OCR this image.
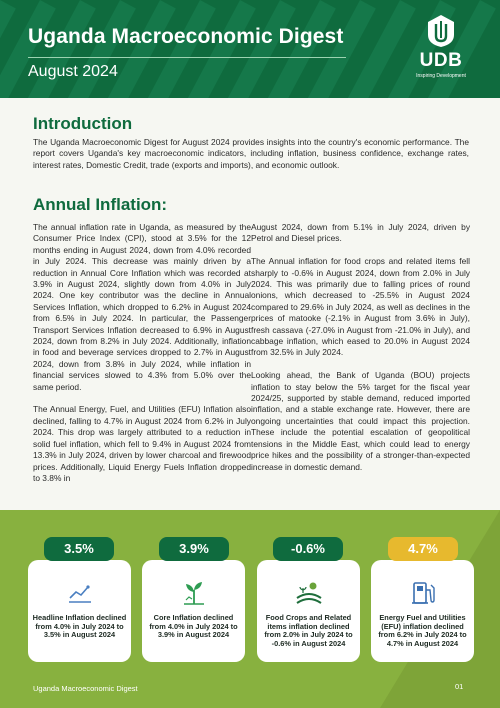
Uganda Macroeconomic Digest
August 2024
UDB
Inspiring Development
Introduction
The Uganda Macroeconomic Digest for August 2024 provides insights into the country's economic performance. The report covers Uganda's key macroeconomic indicators, including inflation, business confidence, exchange rates, interest rates, Domestic Credit, trade (exports and imports), and economic outlook.
Annual Inflation:

The annual inflation rate in Uganda, as measured by the Consumer Price Index (CPI), stood at 3.5% for the 12 months ending in August 2024, down from 4.0% recorded in July 2024. This decrease was mainly driven by a reduction in Annual Core Inflation which was recorded at 3.9% in August 2024, slightly down from 4.0% in July 2024. One key contributor was the decline in Annual Services Inflation, which dropped to 6.2% in August 2024 from 6.5% in July 2024. In particular, the Passenger Transport Services Inflation decreased to 6.9% in August 2024, down from 8.2% in July 2024. Additionally, inflation in food and beverage services dropped to 2.7% in August 2024, down from 3.8% in July 2024, while inflation in financial services slowed to 4.3% from 5.0% over the same period.

The Annual Energy, Fuel, and Utilities (EFU) Inflation also declined, falling to 4.7% in August 2024 from 6.2% in July 2024. This drop was largely attributed to a reduction in solid fuel inflation, which fell to 9.4% in August 2024 from 13.3% in July 2024, driven by lower charcoal and firewood prices. Additionally, Liquid Energy Fuels Inflation dropped to 3.8% in

August 2024, down from 5.1% in July 2024, driven by Petrol and Diesel prices.

The Annual inflation for food crops and related items fell sharply to -0.6% in August 2024, down from 2.0% in July 2024. This was primarily due to falling prices of round onions, which decreased to -25.5% in August 2024 compared to 29.6% in July 2024, as well as declines in the prices of matooke (-2.1% in August from 3.6% in July), fresh cassava (-27.0% in August from -21.0% in July), and cabbage inflation, which eased to 20.0% in August 2024 from 32.5% in July 2024.

Looking ahead, the Bank of Uganda (BOU) projects inflation to stay below the 5% target for the fiscal year 2024/25, supported by stable demand, reduced imported inflation, and a stable exchange rate. However, there are ongoing uncertainties that could impact this projection. These include the potential escalation of geopolitical tensions in the Middle East, which could lead to energy price hikes and the possibility of a stronger-than-expected increase in domestic demand.

Headline Inflation declined from 4.0% in July 2024 to 3.5% in August 2024
3.5%
Core Inflation declined from 4.0% in July 2024 to 3.9% in August 2024
3.9%
Food Crops and Related items inflation declined from 2.0% in July 2024 to -0.6% in August 2024
-0.6%
Energy Fuel and Utilities (EFU) inflation declined from 6.2% in July 2024 to 4.7% in August 2024
4.7%
Uganda Macroeconomic Digest	01
